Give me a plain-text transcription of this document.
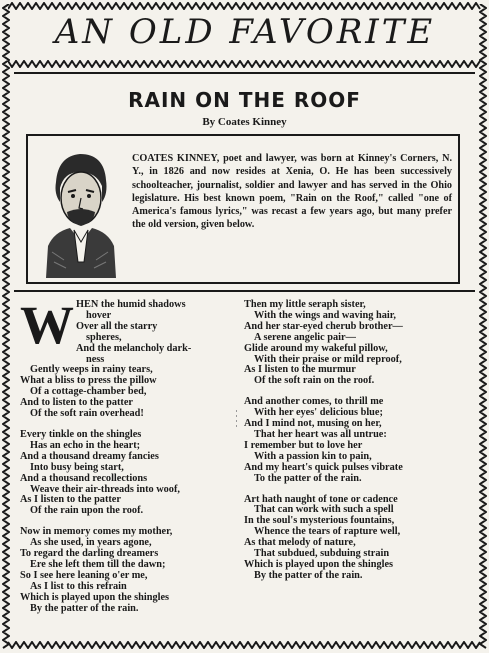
AN OLD FAVORITE
RAIN ON THE ROOF
By Coates Kinney

COATES KINNEY, poet and lawyer, was born at Kinney's Corners, N. Y., in 1826 and now resides at Xenia, O. He has been successively schoolteacher, journalist, soldier and lawyer and has served in the Ohio legislature. His best known poem, "Rain on the Roof," called "one of America's famous lyrics," was recast a few years ago, but many prefer the old version, given below.

W HEN the humid shadows
hover
Over all the starry
spheres,
And the melancholy dark-
ness
Gently weeps in rainy tears,
What a bliss to press the pillow
Of a cottage-chamber bed,
And to listen to the patter
Of the soft rain overhead!
Every tinkle on the shingles
Has an echo in the heart;
And a thousand dreamy fancies
Into busy being start,
And a thousand recollections
Weave their air-threads into woof,
As I listen to the patter
Of the rain upon the roof.
Now in memory comes my mother,
As she used, in years agone,
To regard the darling dreamers
Ere she left them till the dawn;
So I see here leaning o'er me,
As I list to this refrain
Which is played upon the shingles
By the patter of the rain.
Then my little seraph sister,
With the wings and waving hair,
And her star-eyed cherub brother—
A serene angelic pair—
Glide around my wakeful pillow,
With their praise or mild reproof,
As I listen to the murmur
Of the soft rain on the roof.
And another comes, to thrill me
With her eyes' delicious blue;
And I mind not, musing on her,
That her heart was all untrue:
I remember but to love her
With a passion kin to pain,
And my heart's quick pulses vibrate
To the patter of the rain.
Art hath naught of tone or cadence
That can work with such a spell
In the soul's mysterious fountains,
Whence the tears of rapture well,
As that melody of nature,
That subdued, subduing strain
Which is played upon the shingles
By the patter of the rain.
